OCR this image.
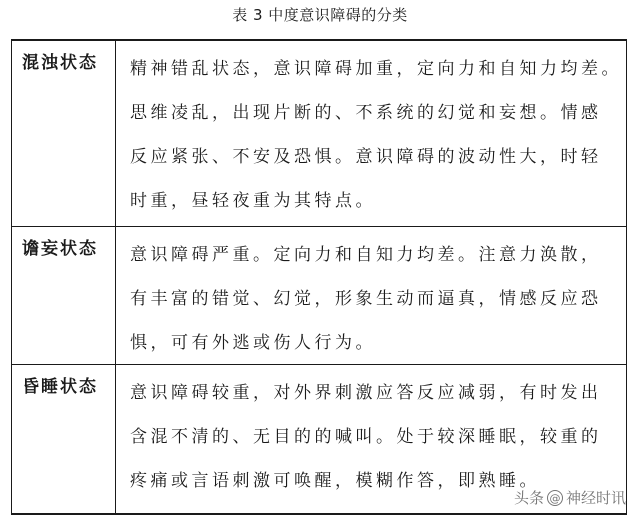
表 3 中度意识障碍的分类
混浊状态	精神错乱状态，意识障碍加重，定向力和自知力均差。
思维凌乱，出现片断的、不系统的幻觉和妄想。情感
反应紧张、不安及恐惧。意识障碍的波动性大，时轻
时重，昼轻夜重为其特点。
谵妄状态	意识障碍严重。定向力和自知力均差。注意力涣散，
有丰富的错觉、幻觉，形象生动而逼真，情感反应恐
惧，可有外逃或伤人行为。
昏睡状态	意识障碍较重，对外界刺激应答反应减弱，有时发出
含混不清的、无目的的喊叫。处于较深睡眠，较重的
疼痛或言语刺激可唤醒，模糊作答，即熟睡。
头条 @ 神经时讯
